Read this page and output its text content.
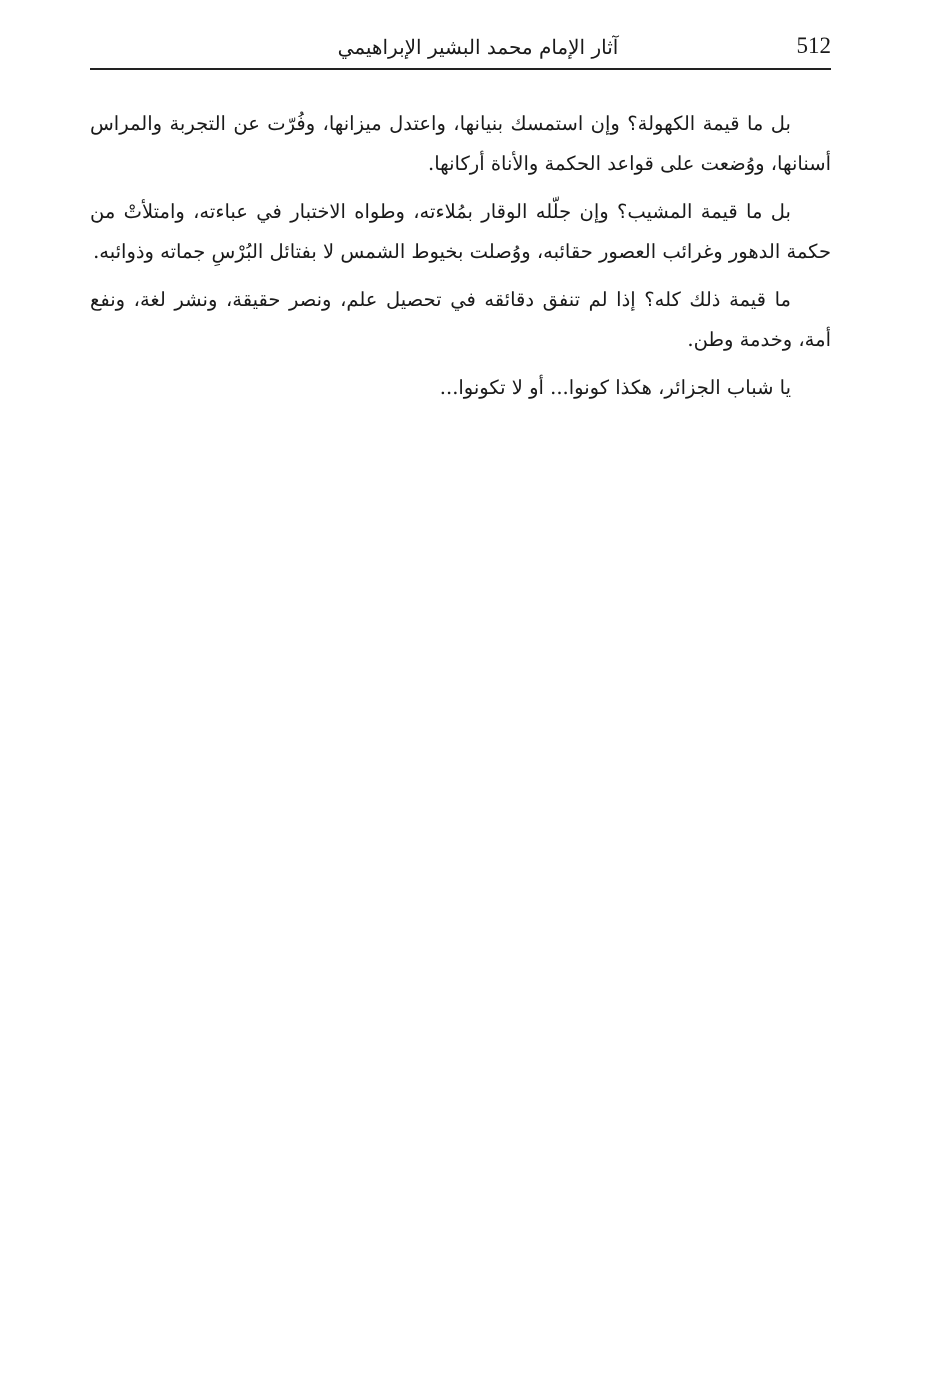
512
آثار الإمام محمد البشير الإبراهيمي

بل ما قيمة الكهولة؟ وإن استمسك بنيانها، واعتدل ميزانها، وفُرّت عن التجربة والمراس أسنانها، ووُضعت على قواعد الحكمة والأناة أركانها.

بل ما قيمة المشيب؟ وإن جلّله الوقار بمُلاءته، وطواه الاختبار في عباءته، وامتلأتْ من حكمة الدهور وغرائب العصور حقائبه، ووُصلت بخيوط الشمس لا بفتائل البُرْسِ جماته وذوائبه.

ما قيمة ذلك كله؟ إذا لم تنفق دقائقه في تحصيل علم، ونصر حقيقة، ونشر لغة، ونفع أمة، وخدمة وطن.

يا شباب الجزائر، هكذا كونوا... أو لا تكونوا...
